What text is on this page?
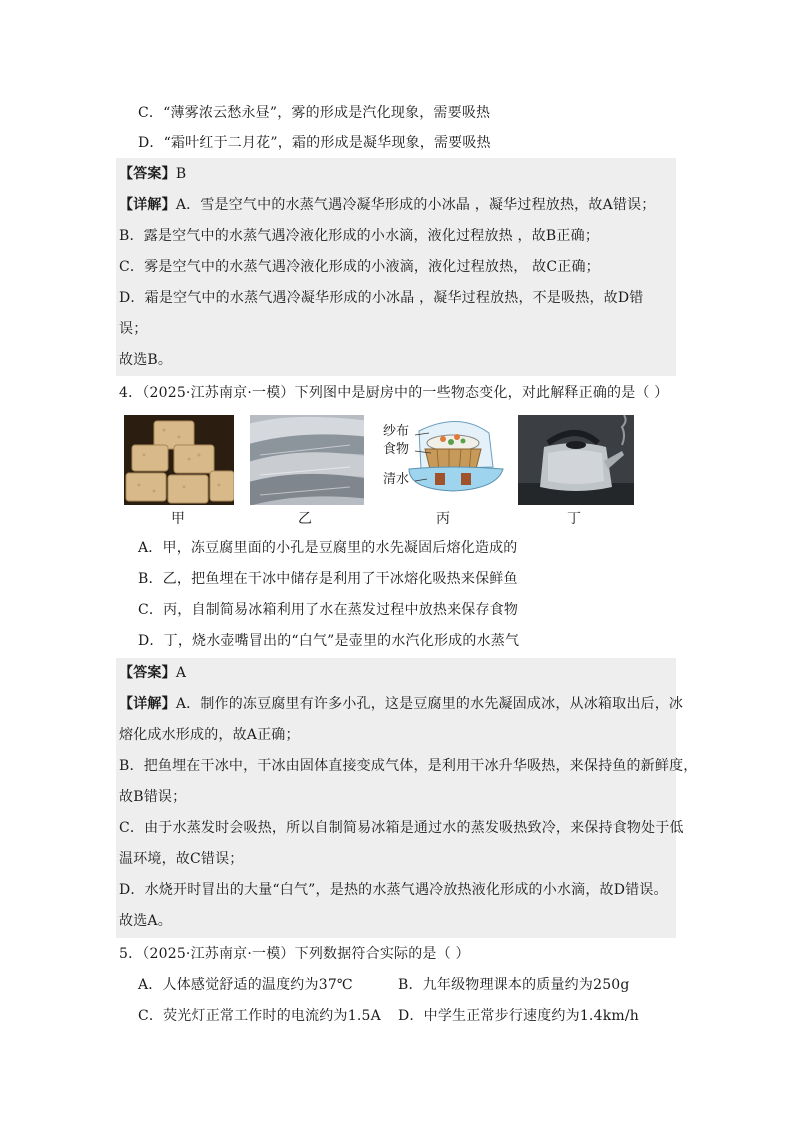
C．“薄雾浓云愁永昼”，雾的形成是汽化现象，需要吸热
D．“霜叶红于二月花”，霜的形成是凝华现象，需要吸热
【答案】B
【详解】A．雪是空气中的水蒸气遇冷凝华形成的小冰晶 ，凝华过程放热，故A错误；
B．露是空气中的水蒸气遇冷液化形成的小水滴，液化过程放热 ，故B正确；
C．雾是空气中的水蒸气遇冷液化形成的小液滴，液化过程放热， 故C正确；
D．霜是空气中的水蒸气遇冷凝华形成的小冰晶 ，凝华过程放热，不是吸热，故D错
误；
故选B。
4．（2025·江苏南京·一模）下列图中是厨房中的一些物态变化，对此解释正确的是（ ）
纱布
食物
清水
甲	乙	丙	丁
A．甲，冻豆腐里面的小孔是豆腐里的水先凝固后熔化造成的
B．乙，把鱼埋在干冰中储存是利用了干冰熔化吸热来保鲜鱼
C．丙，自制简易冰箱利用了水在蒸发过程中放热来保存食物
D．丁，烧水壶嘴冒出的“白气”是壶里的水汽化形成的水蒸气
【答案】A
【详解】A．制作的冻豆腐里有许多小孔，这是豆腐里的水先凝固成冰，从冰箱取出后，冰
熔化成水形成的，故A正确；
B．把鱼埋在干冰中，干冰由固体直接变成气体，是利用干冰升华吸热，来保持鱼的新鲜度，
故B错误；
C．由于水蒸发时会吸热，所以自制简易冰箱是通过水的蒸发吸热致冷，来保持食物处于低
温环境，故C错误；
D．水烧开时冒出的大量“白气”，是热的水蒸气遇冷放热液化形成的小水滴，故D错误。
故选A。
5．（2025·江苏南京·一模）下列数据符合实际的是（ ）
A．人体感觉舒适的温度约为37℃	B．九年级物理课本的质量约为250g
C．荧光灯正常工作时的电流约为1.5A D．中学生正常步行速度约为1.4km/h
